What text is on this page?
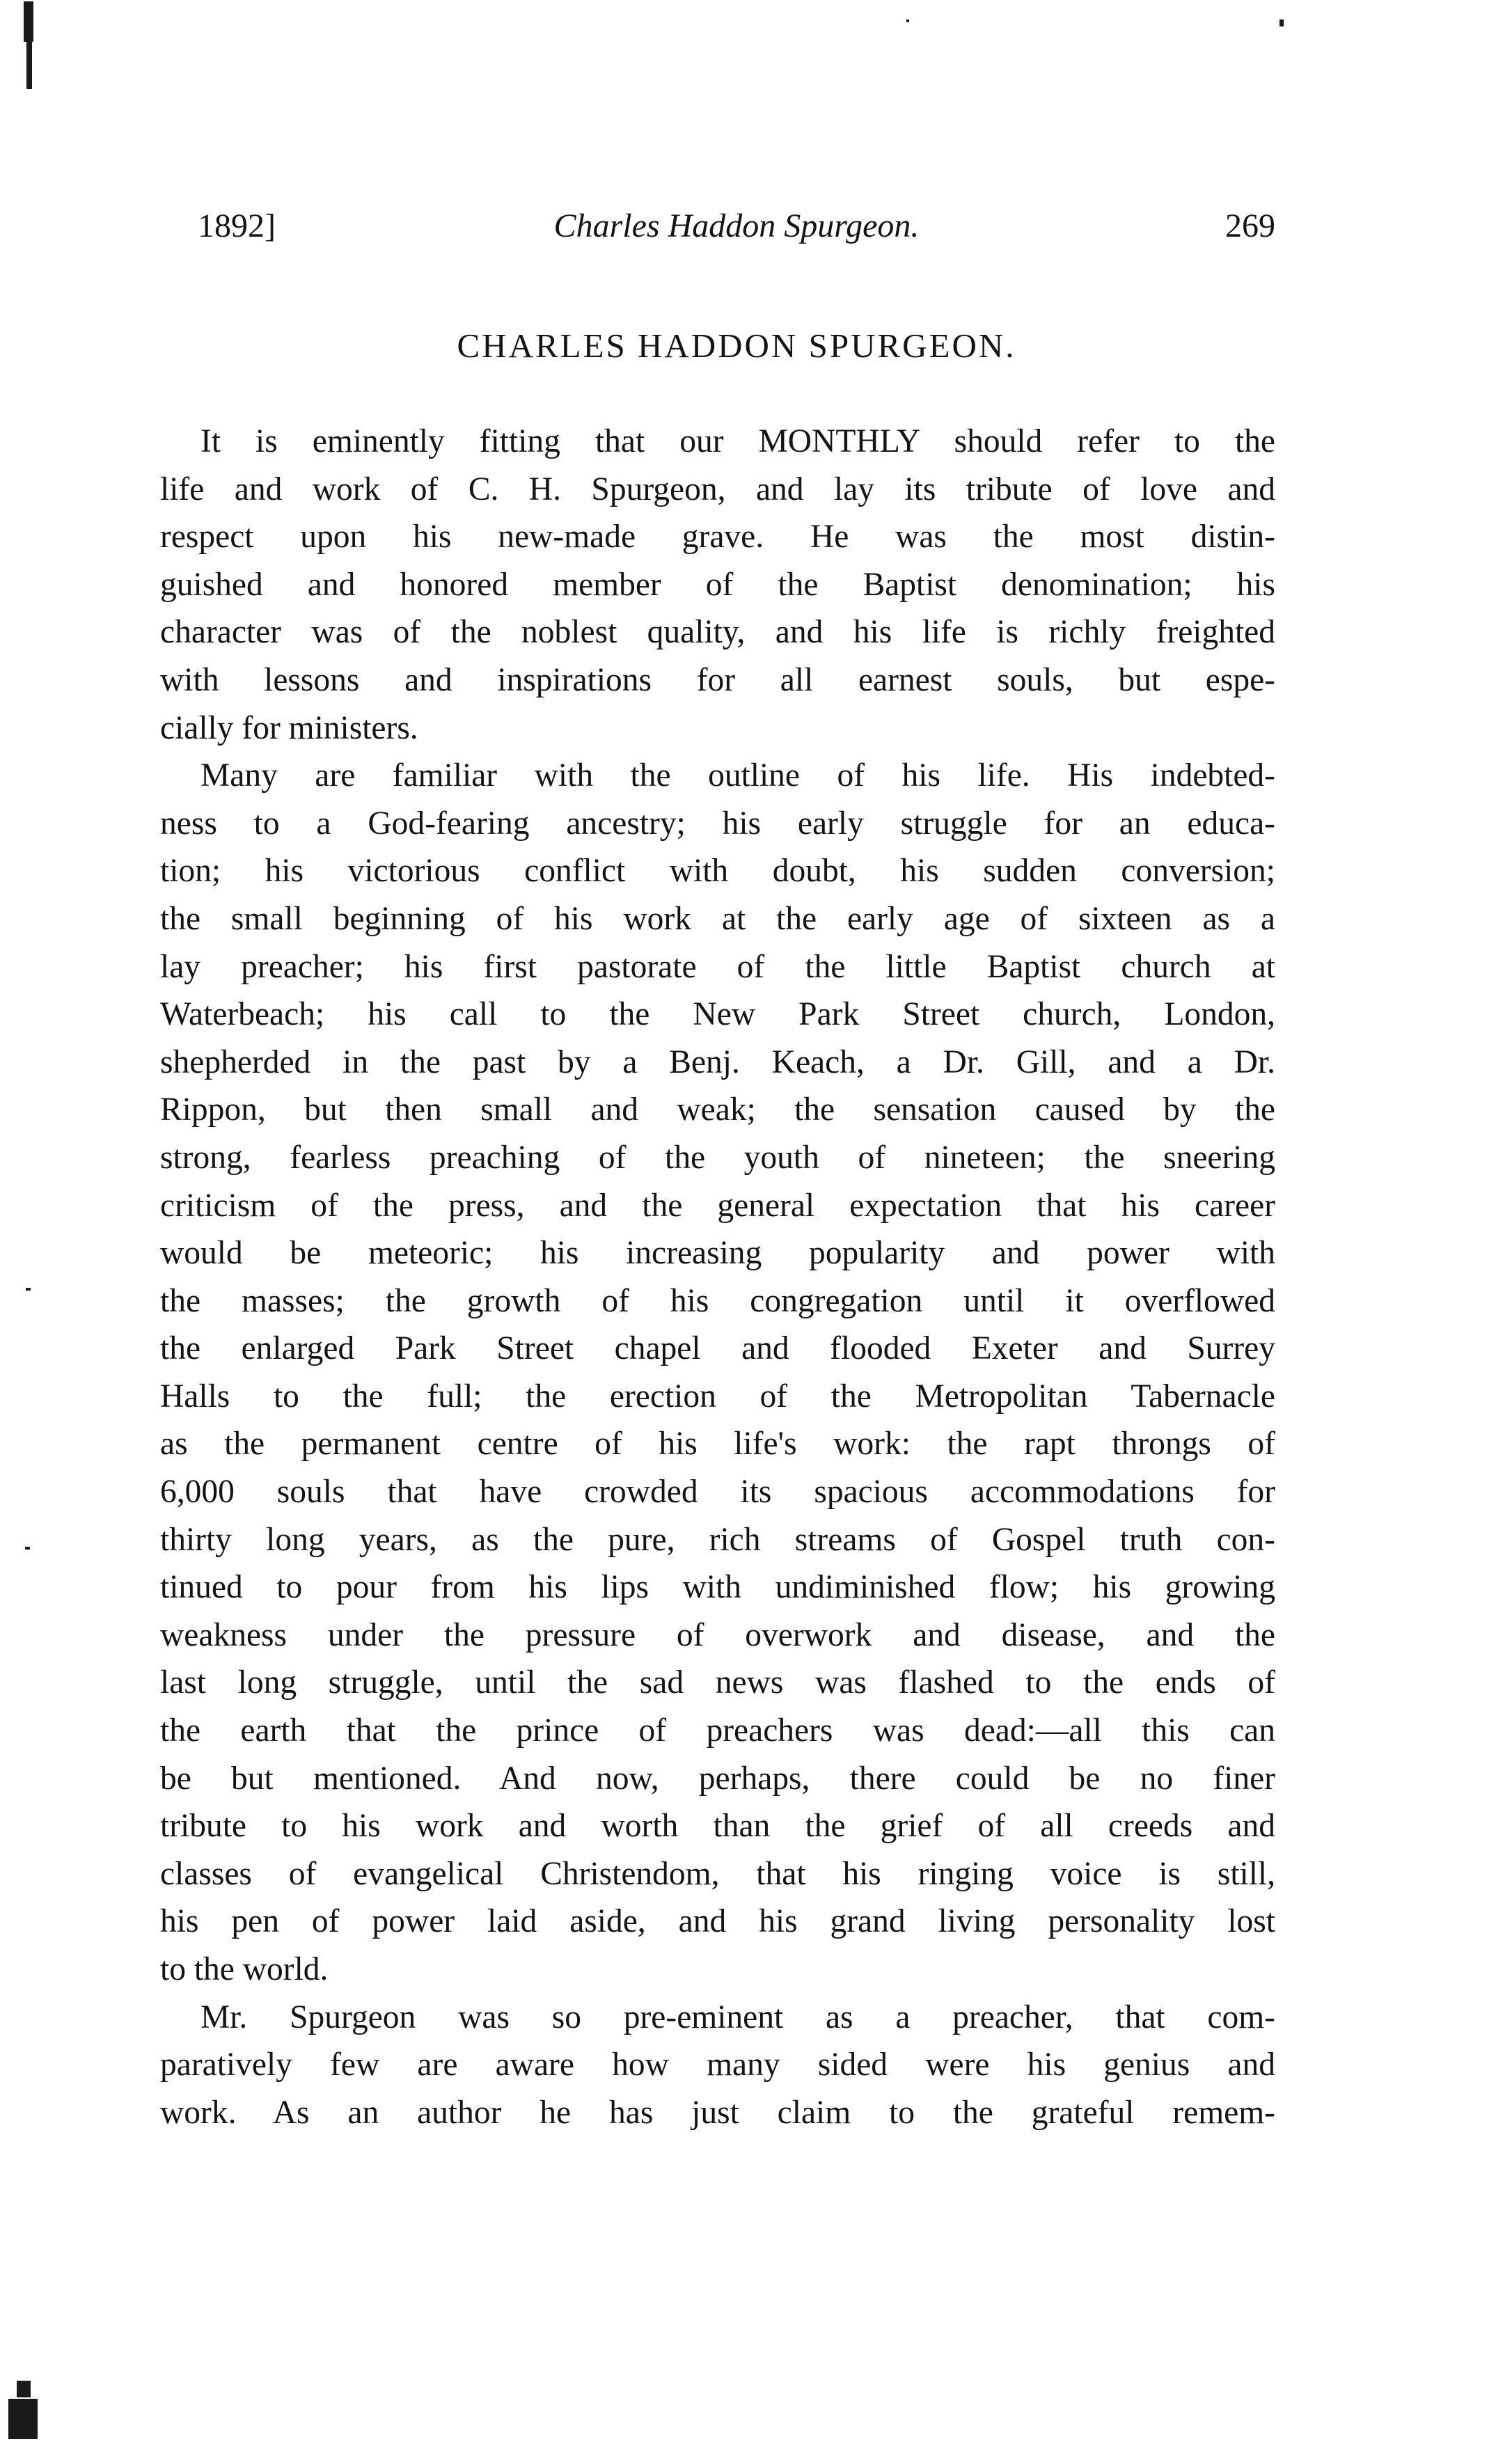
1892]	Charles Haddon Spurgeon.	269
CHARLES HADDON SPURGEON.
It is eminently fitting that our MONTHLY should refer to the
life and work of C. H. Spurgeon, and lay its tribute of love and
respect upon his new-made grave. He was the most distin-
guished and honored member of the Baptist denomination; his
character was of the noblest quality, and his life is richly freighted
with lessons and inspirations for all earnest souls, but espe-
cially for ministers.
Many are familiar with the outline of his life. His indebted-
ness to a God-fearing ancestry; his early struggle for an educa-
tion; his victorious conflict with doubt, his sudden conversion;
the small beginning of his work at the early age of sixteen as a
lay preacher; his first pastorate of the little Baptist church at
Waterbeach; his call to the New Park Street church, London,
shepherded in the past by a Benj. Keach, a Dr. Gill, and a Dr.
Rippon, but then small and weak; the sensation caused by the
strong, fearless preaching of the youth of nineteen; the sneering
criticism of the press, and the general expectation that his career
would be meteoric; his increasing popularity and power with
the masses; the growth of his congregation until it overflowed
the enlarged Park Street chapel and flooded Exeter and Surrey
Halls to the full; the erection of the Metropolitan Tabernacle
as the permanent centre of his life's work: the rapt throngs of
6,000 souls that have crowded its spacious accommodations for
thirty long years, as the pure, rich streams of Gospel truth con-
tinued to pour from his lips with undiminished flow; his growing
weakness under the pressure of overwork and disease, and the
last long struggle, until the sad news was flashed to the ends of
the earth that the prince of preachers was dead:—all this can
be but mentioned. And now, perhaps, there could be no finer
tribute to his work and worth than the grief of all creeds and
classes of evangelical Christendom, that his ringing voice is still,
his pen of power laid aside, and his grand living personality lost
to the world.
Mr. Spurgeon was so pre-eminent as a preacher, that com-
paratively few are aware how many sided were his genius and
work. As an author he has just claim to the grateful remem-
